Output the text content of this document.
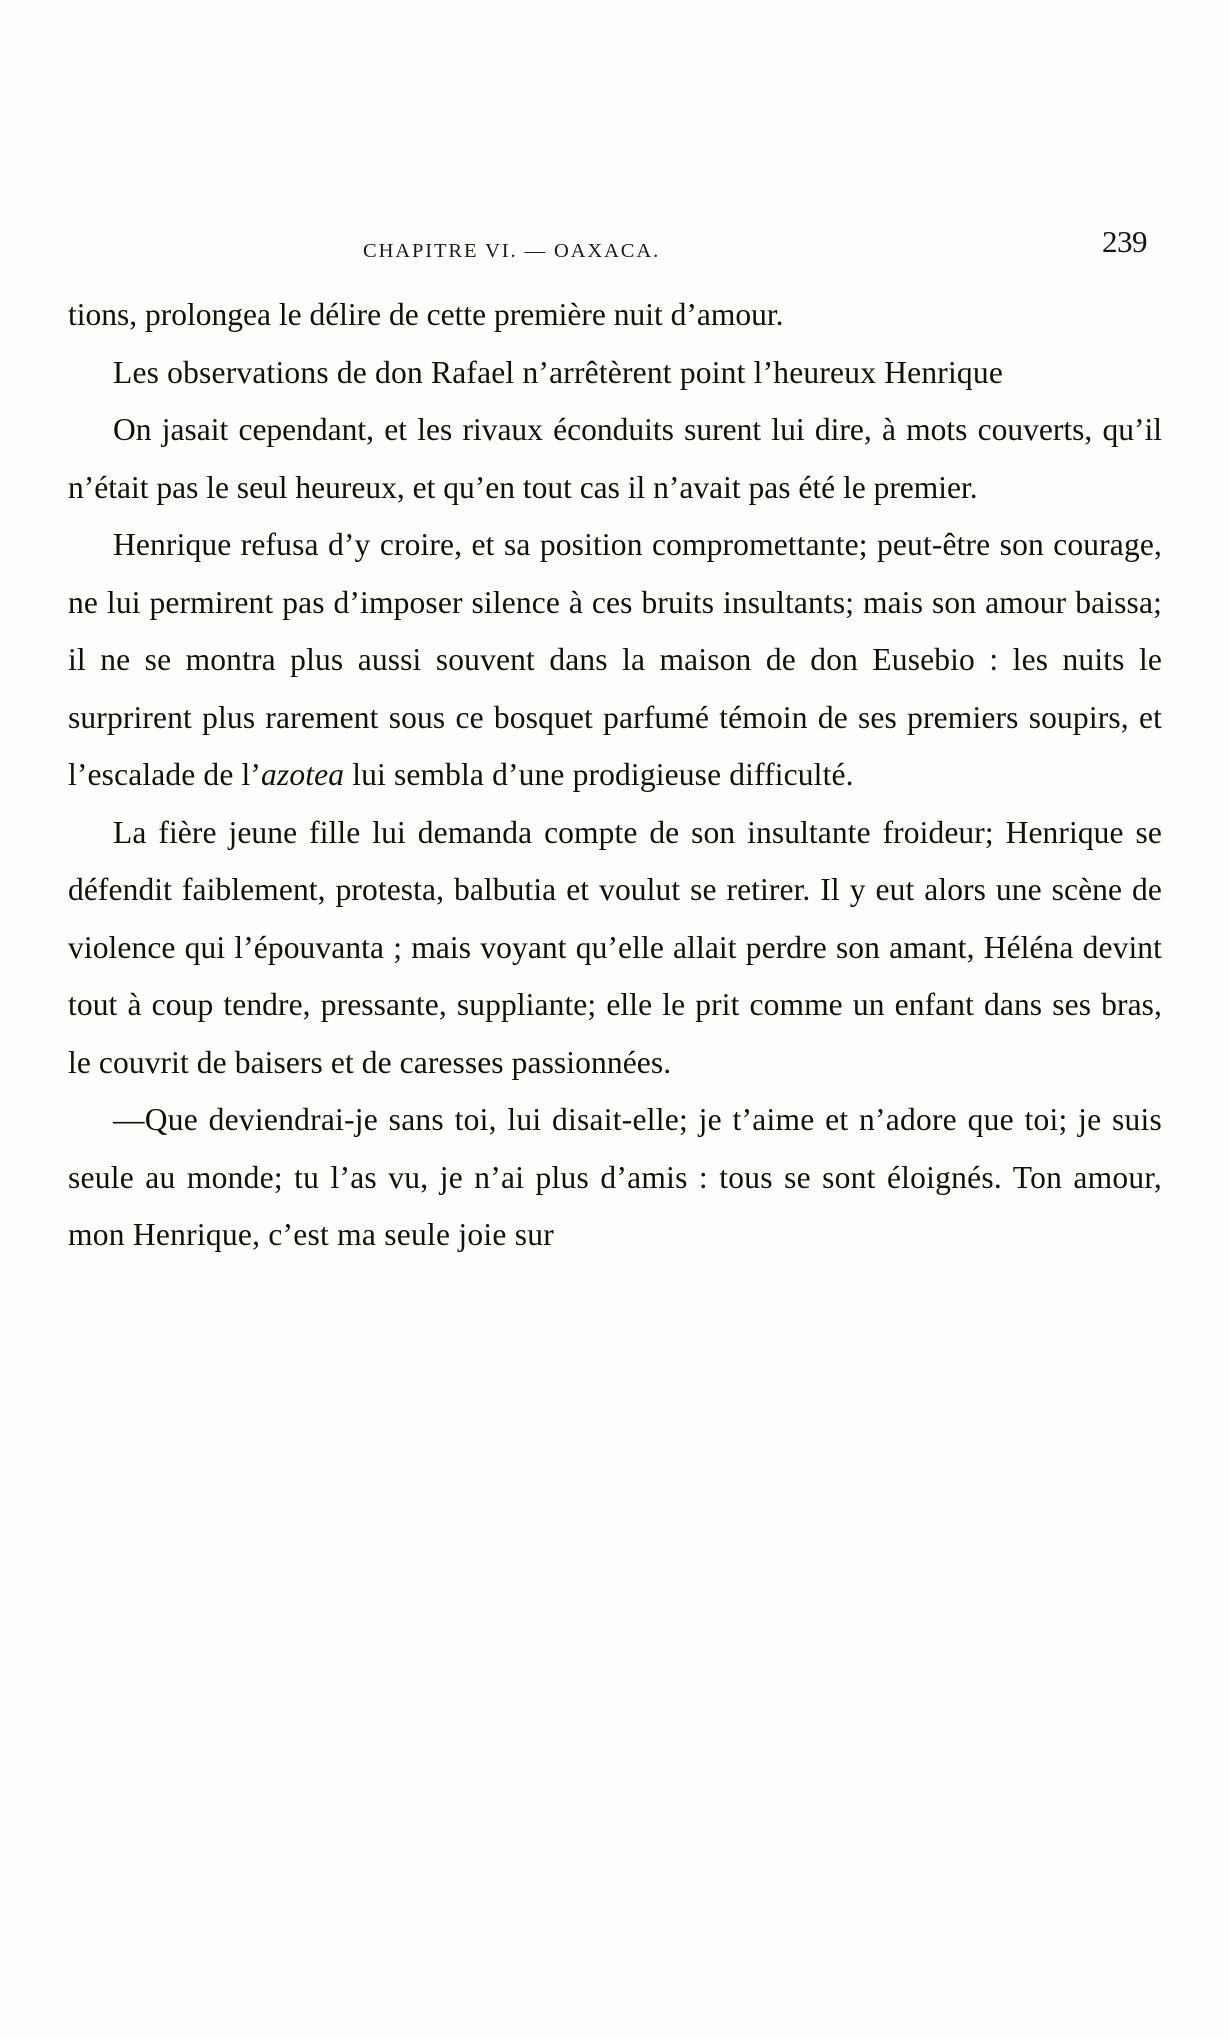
CHAPITRE VI. — OAXACA.	239

tions, prolongea le délire de cette première nuit d’amour.

Les observations de don Rafael n’arrêtèrent point l’heureux Henrique

On jasait cependant, et les rivaux éconduits surent lui dire, à mots couverts, qu’il n’était pas le seul heureux, et qu’en tout cas il n’avait pas été le premier.

Henrique refusa d’y croire, et sa position compromettante; peut-être son courage, ne lui permirent pas d’imposer silence à ces bruits insultants; mais son amour baissa; il ne se montra plus aussi souvent dans la maison de don Eusebio : les nuits le surprirent plus rarement sous ce bosquet parfumé témoin de ses premiers soupirs, et l’escalade de l’azotea lui sembla d’une prodigieuse difficulté.

La fière jeune fille lui demanda compte de son insultante froideur; Henrique se défendit faiblement, protesta, balbutia et voulut se retirer. Il y eut alors une scène de violence qui l’épouvanta ; mais voyant qu’elle allait perdre son amant, Héléna devint tout à coup tendre, pressante, suppliante; elle le prit comme un enfant dans ses bras, le couvrit de baisers et de caresses passionnées.

—Que deviendrai-je sans toi, lui disait-elle; je t’aime et n’adore que toi; je suis seule au monde; tu l’as vu, je n’ai plus d’amis : tous se sont éloignés. Ton amour, mon Henrique, c’est ma seule joie sur
